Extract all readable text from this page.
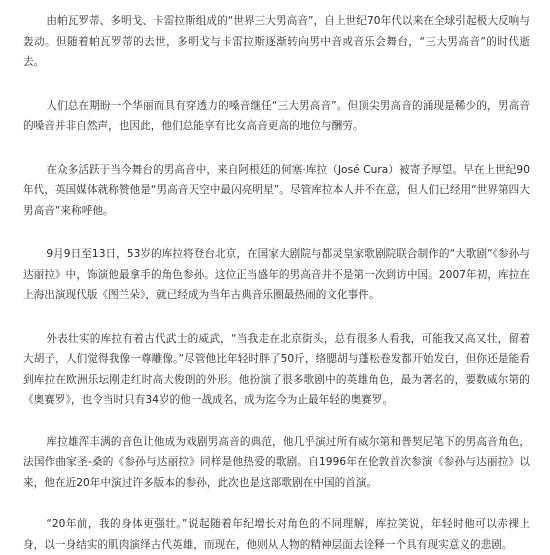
由帕瓦罗蒂、多明戈、卡雷拉斯组成的“世界三大男高音”，自上世纪70年代以来在全球引起极大反响与轰动。但随着帕瓦罗蒂的去世，多明戈与卡雷拉斯逐渐转向男中音或音乐会舞台，“三大男高音”的时代逝去。

人们总在期盼一个华丽而具有穿透力的嗓音继任“三大男高音”。但顶尖男高音的涌现是稀少的，男高音的嗓音并非自然声，也因此，他们总能享有比女高音更高的地位与酬劳。

在众多活跃于当今舞台的男高音中，来自阿根廷的何塞·库拉（José Cura）被寄予厚望。早在上世纪90年代，英国媒体就称赞他是“男高音天空中最闪亮明星”。尽管库拉本人并不在意，但人们已经用“世界第四大男高音”来称呼他。

9月9日至13日，53岁的库拉将登台北京，在国家大剧院与都灵皇家歌剧院联合制作的“大歌剧”《参孙与达丽拉》中，饰演他最拿手的角色参孙。这位正当盛年的男高音并不是第一次到访中国。2007年初，库拉在上海出演现代版《图兰朵》，就已经成为当年古典音乐圈最热闹的文化事件。

外表壮实的库拉有着古代武士的威武，“当我走在北京街头，总有很多人看我，可能我又高又壮，留着大胡子，人们觉得我像一尊雕像。”尽管他比年轻时胖了50斤，络腮胡与蓬松卷发都开始发白，但你还是能看到库拉在欧洲乐坛刚走红时高大俊朗的外形。他扮演了很多歌剧中的英雄角色，最为著名的，要数威尔第的《奥赛罗》，也令当时只有34岁的他一战成名，成为迄今为止最年轻的奥赛罗。

库拉雄浑丰满的音色让他成为戏剧男高音的典范，他几乎演过所有威尔第和普契尼笔下的男高音角色，法国作曲家圣-桑的《参孙与达丽拉》同样是他热爱的歌剧。自1996年在伦敦首次参演《参孙与达丽拉》以来，他在近20年中演过许多版本的参孙，此次也是这部歌剧在中国的首演。

“20年前，我的身体更强壮。”说起随着年纪增长对角色的不同理解，库拉笑说，年轻时他可以赤裸上身，以一身结实的肌肉演绎古代英雄，而现在，他则从人物的精神层面去诠释一个具有现实意义的悲剧。
